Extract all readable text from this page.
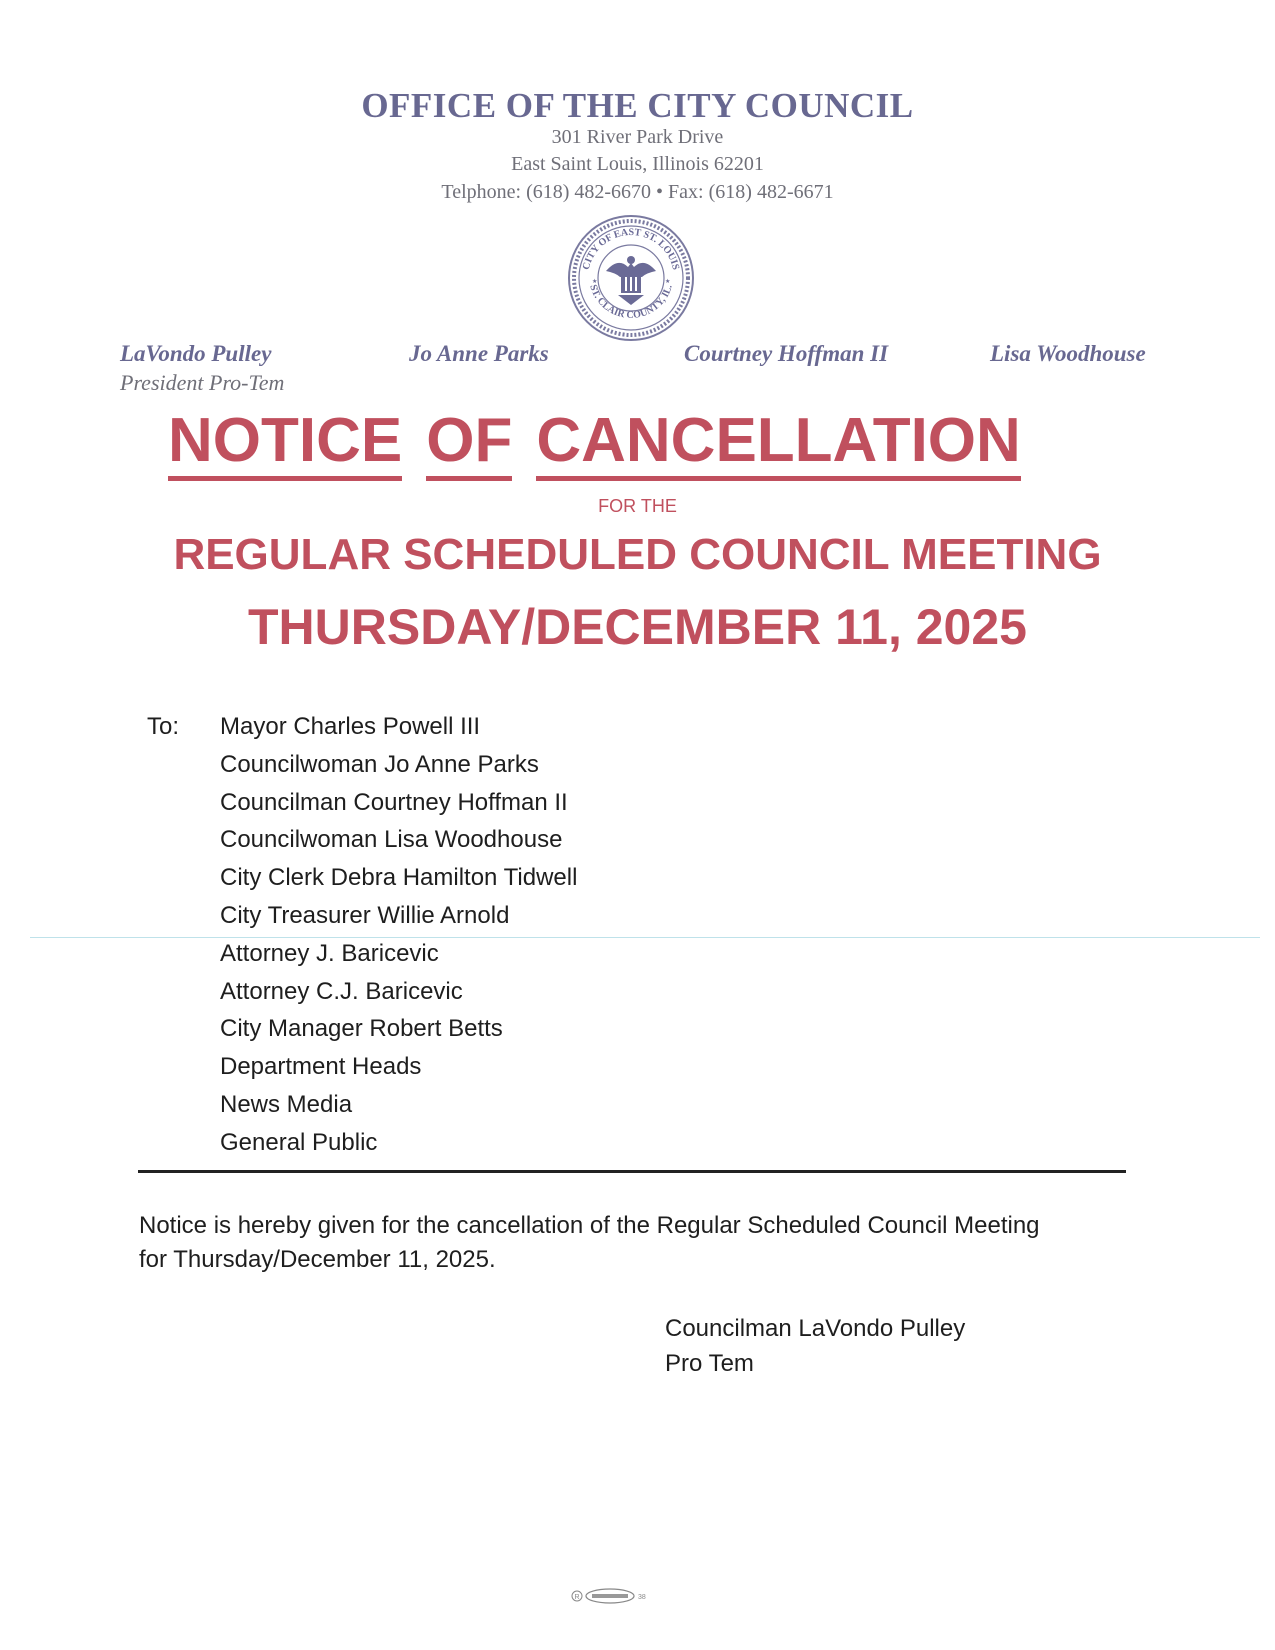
OFFICE OF THE CITY COUNCIL
301 River Park Drive
East Saint Louis, Illinois 62201
Telphone: (618) 482-6670 • Fax: (618) 482-6671
CITY OF EAST ST. LOUIS
ST. CLAIR COUNTY, IL.
★	★
LaVondo Pulley
President Pro-Tem
Jo Anne Parks	Courtney Hoffman II	Lisa Woodhouse
NOTICE OF CANCELLATION
FOR THE
REGULAR SCHEDULED COUNCIL MEETING
THURSDAY/DECEMBER 11, 2025
To: Mayor Charles Powell III
Councilwoman Jo Anne Parks
Councilman Courtney Hoffman II
Councilwoman Lisa Woodhouse
City Clerk Debra Hamilton Tidwell
City Treasurer Willie Arnold
Attorney J. Baricevic
Attorney C.J. Baricevic
City Manager Robert Betts
Department Heads
News Media
General Public
Notice is hereby given for the cancellation of the Regular Scheduled Council Meeting for Thursday/December 11, 2025.
Councilman LaVondo Pulley
Pro Tem
R	38
